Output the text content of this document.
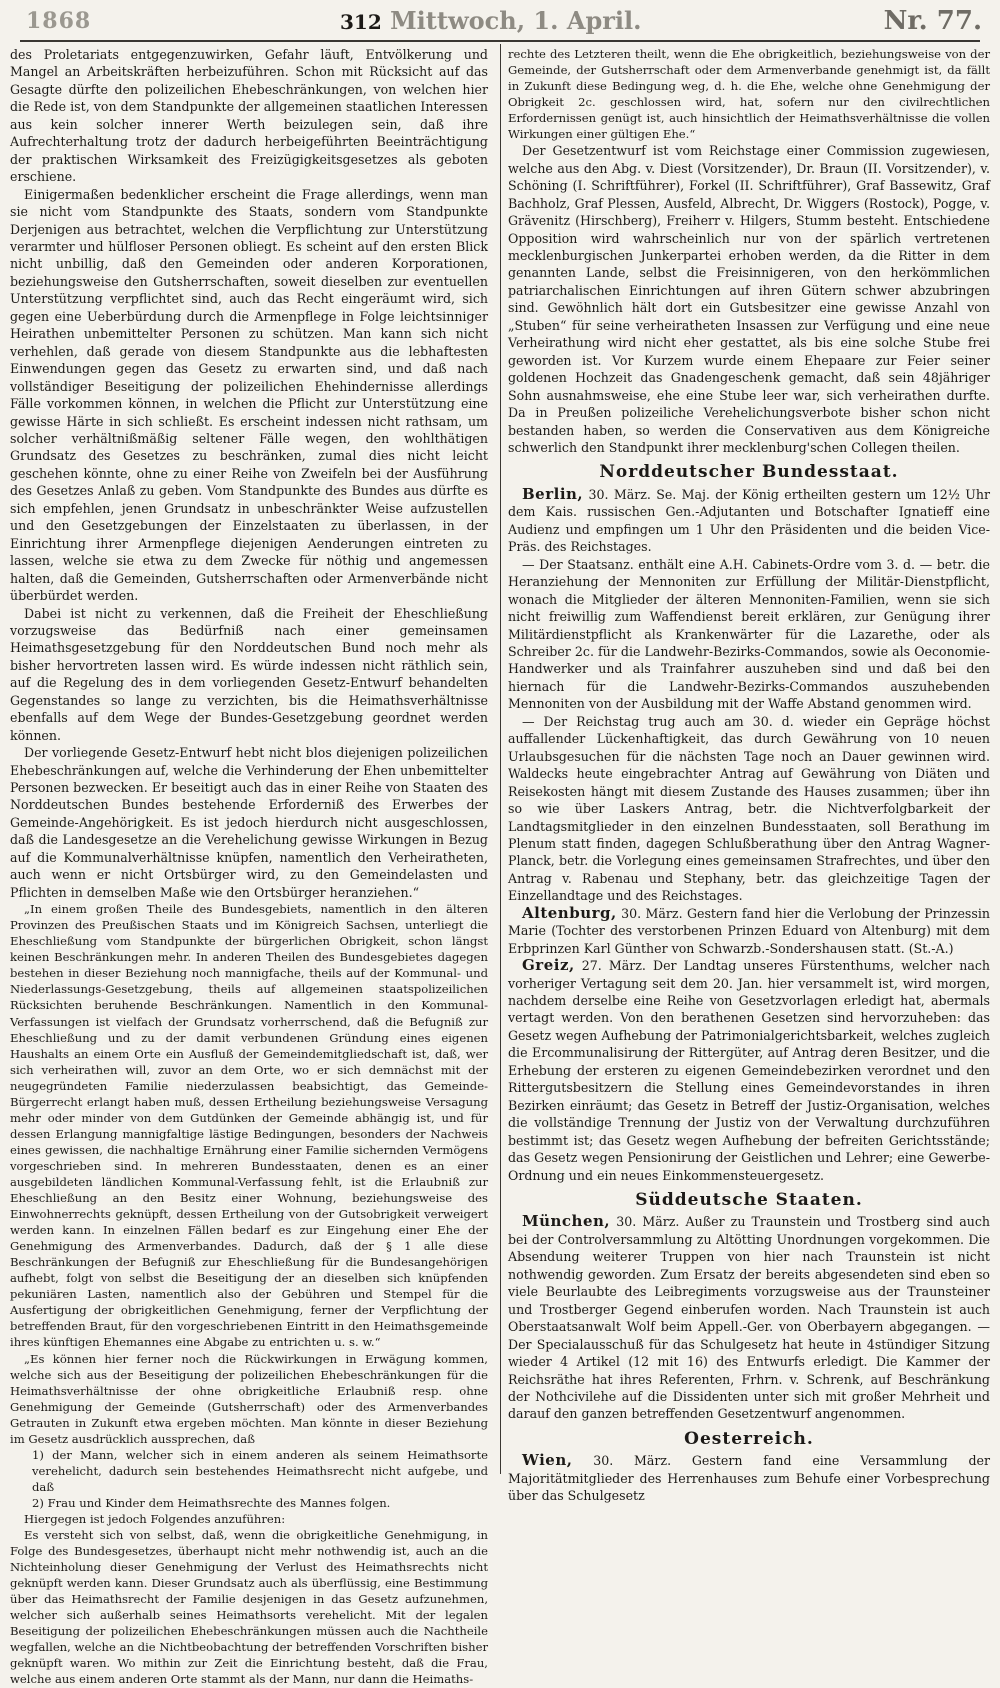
1868	312 Mittwoch, 1. April.	Nr. 77.

des Proletariats entgegenzuwirken, Gefahr läuft, Entvölkerung und Mangel an Arbeitskräften herbeizuführen. Schon mit Rücksicht auf das Gesagte dürfte den polizeilichen Ehebeschränkungen, von welchen hier die Rede ist, von dem Standpunkte der allgemeinen staatlichen Interessen aus kein solcher innerer Werth beizulegen sein, daß ihre Aufrechterhaltung trotz der dadurch herbeigeführten Beeinträchtigung der praktischen Wirksamkeit des Freizügigkeitsgesetzes als geboten erschiene.

Einigermaßen bedenklicher erscheint die Frage allerdings, wenn man sie nicht vom Standpunkte des Staats, sondern vom Standpunkte Derjenigen aus betrachtet, welchen die Verpflichtung zur Unterstützung verarmter und hülfloser Personen obliegt. Es scheint auf den ersten Blick nicht unbillig, daß den Gemeinden oder anderen Korporationen, beziehungsweise den Gutsherrschaften, soweit dieselben zur eventuellen Unterstützung verpflichtet sind, auch das Recht eingeräumt wird, sich gegen eine Ueberbürdung durch die Armenpflege in Folge leichtsinniger Heirathen unbemittelter Personen zu schützen. Man kann sich nicht verhehlen, daß gerade von diesem Standpunkte aus die lebhaftesten Einwendungen gegen das Gesetz zu erwarten sind, und daß nach vollständiger Beseitigung der polizeilichen Ehehindernisse allerdings Fälle vorkommen können, in welchen die Pflicht zur Unterstützung eine gewisse Härte in sich schließt. Es erscheint indessen nicht rathsam, um solcher verhältnißmäßig seltener Fälle wegen, den wohlthätigen Grundsatz des Gesetzes zu beschränken, zumal dies nicht leicht geschehen könnte, ohne zu einer Reihe von Zweifeln bei der Ausführung des Gesetzes Anlaß zu geben. Vom Standpunkte des Bundes aus dürfte es sich empfehlen, jenen Grundsatz in unbeschränkter Weise aufzustellen und den Gesetzgebungen der Einzelstaaten zu überlassen, in der Einrichtung ihrer Armenpflege diejenigen Aenderungen eintreten zu lassen, welche sie etwa zu dem Zwecke für nöthig und angemessen halten, daß die Gemeinden, Gutsherrschaften oder Armenverbände nicht überbürdet werden.

Dabei ist nicht zu verkennen, daß die Freiheit der Eheschließung vorzugsweise das Bedürfniß nach einer gemeinsamen Heimathsgesetzgebung für den Norddeutschen Bund noch mehr als bisher hervortreten lassen wird. Es würde indessen nicht räthlich sein, auf die Regelung des in dem vorliegenden Gesetz-Entwurf behandelten Gegenstandes so lange zu verzichten, bis die Heimathsverhältnisse ebenfalls auf dem Wege der Bundes-Gesetzgebung geordnet werden können.

Der vorliegende Gesetz-Entwurf hebt nicht blos diejenigen polizeilichen Ehebeschränkungen auf, welche die Verhinderung der Ehen unbemittelter Personen bezwecken. Er beseitigt auch das in einer Reihe von Staaten des Norddeutschen Bundes bestehende Erforderniß des Erwerbes der Gemeinde-Angehörigkeit. Es ist jedoch hierdurch nicht ausgeschlossen, daß die Landesgesetze an die Verehelichung gewisse Wirkungen in Bezug auf die Kommunalverhältnisse knüpfen, namentlich den Verheiratheten, auch wenn er nicht Ortsbürger wird, zu den Gemeindelasten und Pflichten in demselben Maße wie den Ortsbürger heranziehen.“

„In einem großen Theile des Bundesgebiets, namentlich in den älteren Provinzen des Preußischen Staats und im Königreich Sachsen, unterliegt die Eheschließung vom Standpunkte der bürgerlichen Obrigkeit, schon längst keinen Beschränkungen mehr. In anderen Theilen des Bundesgebietes dagegen bestehen in dieser Beziehung noch mannigfache, theils auf der Kommunal- und Niederlassungs-Gesetzgebung, theils auf allgemeinen staatspolizeilichen Rücksichten beruhende Beschränkungen. Namentlich in den Kommunal-Verfassungen ist vielfach der Grundsatz vorherrschend, daß die Befugniß zur Eheschließung und zu der damit verbundenen Gründung eines eigenen Haushalts an einem Orte ein Ausfluß der Gemeindemitgliedschaft ist, daß, wer sich verheirathen will, zuvor an dem Orte, wo er sich demnächst mit der neugegründeten Familie niederzulassen beabsichtigt, das Gemeinde-Bürgerrecht erlangt haben muß, dessen Ertheilung beziehungsweise Versagung mehr oder minder von dem Gutdünken der Gemeinde abhängig ist, und für dessen Erlangung mannigfaltige lästige Bedingungen, besonders der Nachweis eines gewissen, die nachhaltige Ernährung einer Familie sichernden Vermögens vorgeschrieben sind. In mehreren Bundesstaaten, denen es an einer ausgebildeten ländlichen Kommunal-Verfassung fehlt, ist die Erlaubniß zur Eheschließung an den Besitz einer Wohnung, beziehungsweise des Einwohnerrechts geknüpft, dessen Ertheilung von der Gutsobrigkeit verweigert werden kann. In einzelnen Fällen bedarf es zur Eingehung einer Ehe der Genehmigung des Armenverbandes. Dadurch, daß der § 1 alle diese Beschränkungen der Befugniß zur Eheschließung für die Bundesangehörigen aufhebt, folgt von selbst die Beseitigung der an dieselben sich knüpfenden pekuniären Lasten, namentlich also der Gebühren und Stempel für die Ausfertigung der obrigkeitlichen Genehmigung, ferner der Verpflichtung der betreffenden Braut, für den vorgeschriebenen Eintritt in den Heimathsgemeinde ihres künftigen Ehemannes eine Abgabe zu entrichten u. s. w.“

„Es können hier ferner noch die Rückwirkungen in Erwägung kommen, welche sich aus der Beseitigung der polizeilichen Ehebeschränkungen für die Heimathsverhältnisse der ohne obrigkeitliche Erlaubniß resp. ohne Genehmigung der Gemeinde (Gutsherrschaft) oder des Armenverbandes Getrauten in Zukunft etwa ergeben möchten. Man könnte in dieser Beziehung im Gesetz ausdrücklich aussprechen, daß

1) der Mann, welcher sich in einem anderen als seinem Heimathsorte verehelicht, dadurch sein bestehendes Heimathsrecht nicht aufgebe, und daß

2) Frau und Kinder dem Heimathsrechte des Mannes folgen.

Hiergegen ist jedoch Folgendes anzuführen:

Es versteht sich von selbst, daß, wenn die obrigkeitliche Genehmigung, in Folge des Bundesgesetzes, überhaupt nicht mehr nothwendig ist, auch an die Nichteinholung dieser Genehmigung der Verlust des Heimathsrechts nicht geknüpft werden kann. Dieser Grundsatz auch als überflüssig, eine Bestimmung über das Heimathsrecht der Familie desjenigen in das Gesetz aufzunehmen, welcher sich außerhalb seines Heimathsorts verehelicht. Mit der legalen Beseitigung der polizeilichen Ehebeschränkungen müssen auch die Nachtheile wegfallen, welche an die Nichtbeobachtung der betreffenden Vorschriften bisher geknüpft waren. Wo mithin zur Zeit die Einrichtung besteht, daß die Frau, welche aus einem anderen Orte stammt als der Mann, nur dann die Heimaths-

rechte des Letzteren theilt, wenn die Ehe obrigkeitlich, beziehungsweise von der Gemeinde, der Gutsherrschaft oder dem Armenverbande genehmigt ist, da fällt in Zukunft diese Bedingung weg, d. h. die Ehe, welche ohne Genehmigung der Obrigkeit 2c. geschlossen wird, hat, sofern nur den civilrechtlichen Erfordernissen genügt ist, auch hinsichtlich der Heimathsverhältnisse die vollen Wirkungen einer gültigen Ehe.“

Der Gesetzentwurf ist vom Reichstage einer Commission zugewiesen, welche aus den Abg. v. Diest (Vorsitzender), Dr. Braun (II. Vorsitzender), v. Schöning (I. Schriftführer), Forkel (II. Schriftführer), Graf Bassewitz, Graf Bachholz, Graf Plessen, Ausfeld, Albrecht, Dr. Wiggers (Rostock), Pogge, v. Grävenitz (Hirschberg), Freiherr v. Hilgers, Stumm besteht. Entschiedene Opposition wird wahrscheinlich nur von der spärlich vertretenen mecklenburgischen Junkerpartei erhoben werden, da die Ritter in dem genannten Lande, selbst die Freisinnigeren, von den herkömmlichen patriarchalischen Einrichtungen auf ihren Gütern schwer abzubringen sind. Gewöhnlich hält dort ein Gutsbesitzer eine gewisse Anzahl von „Stuben“ für seine verheiratheten Insassen zur Verfügung und eine neue Verheirathung wird nicht eher gestattet, als bis eine solche Stube frei geworden ist. Vor Kurzem wurde einem Ehepaare zur Feier seiner goldenen Hochzeit das Gnadengeschenk gemacht, daß sein 48jähriger Sohn ausnahmsweise, ehe eine Stube leer war, sich verheirathen durfte. Da in Preußen polizeiliche Verehelichungsverbote bisher schon nicht bestanden haben, so werden die Conservativen aus dem Königreiche schwerlich den Standpunkt ihrer mecklenburg'schen Collegen theilen.

Norddeutscher Bundesstaat.

Berlin, 30. März. Se. Maj. der König ertheilten gestern um 12½ Uhr dem Kais. russischen Gen.-Adjutanten und Botschafter Ignatieff eine Audienz und empfingen um 1 Uhr den Präsidenten und die beiden Vice-Präs. des Reichstages.

— Der Staatsanz. enthält eine A.H. Cabinets-Ordre vom 3. d. — betr. die Heranziehung der Mennoniten zur Erfüllung der Militär-Dienstpflicht, wonach die Mitglieder der älteren Mennoniten-Familien, wenn sie sich nicht freiwillig zum Waffendienst bereit erklären, zur Genügung ihrer Militärdienstpflicht als Krankenwärter für die Lazarethe, oder als Schreiber 2c. für die Landwehr-Bezirks-Commandos, sowie als Oeconomie-Handwerker und als Trainfahrer auszuheben sind und daß bei den hiernach für die Landwehr-Bezirks-Commandos auszuhebenden Mennoniten von der Ausbildung mit der Waffe Abstand genommen wird.

— Der Reichstag trug auch am 30. d. wieder ein Gepräge höchst auffallender Lückenhaftigkeit, das durch Gewährung von 10 neuen Urlaubsgesuchen für die nächsten Tage noch an Dauer gewinnen wird. Waldecks heute eingebrachter Antrag auf Gewährung von Diäten und Reisekosten hängt mit diesem Zustande des Hauses zusammen; über ihn so wie über Laskers Antrag, betr. die Nichtverfolgbarkeit der Landtagsmitglieder in den einzelnen Bundesstaaten, soll Berathung im Plenum statt finden, dagegen Schlußberathung über den Antrag Wagner-Planck, betr. die Vorlegung eines gemeinsamen Strafrechtes, und über den Antrag v. Rabenau und Stephany, betr. das gleichzeitige Tagen der Einzellandtage und des Reichstages.

Altenburg, 30. März. Gestern fand hier die Verlobung der Prinzessin Marie (Tochter des verstorbenen Prinzen Eduard von Altenburg) mit dem Erbprinzen Karl Günther von Schwarzb.-Sondershausen statt. (St.-A.)

Greiz, 27. März. Der Landtag unseres Fürstenthums, welcher nach vorheriger Vertagung seit dem 20. Jan. hier versammelt ist, wird morgen, nachdem derselbe eine Reihe von Gesetzvorlagen erledigt hat, abermals vertagt werden. Von den berathenen Gesetzen sind hervorzuheben: das Gesetz wegen Aufhebung der Patrimonialgerichtsbarkeit, welches zugleich die Ercommunalisirung der Rittergüter, auf Antrag deren Besitzer, und die Erhebung der ersteren zu eigenen Gemeindebezirken verordnet und den Rittergutsbesitzern die Stellung eines Gemeindevorstandes in ihren Bezirken einräumt; das Gesetz in Betreff der Justiz-Organisation, welches die vollständige Trennung der Justiz von der Verwaltung durchzuführen bestimmt ist; das Gesetz wegen Aufhebung der befreiten Gerichtsstände; das Gesetz wegen Pensionirung der Geistlichen und Lehrer; eine Gewerbe-Ordnung und ein neues Einkommensteuergesetz.

Süddeutsche Staaten.

München, 30. März. Außer zu Traunstein und Trostberg sind auch bei der Controlversammlung zu Altötting Unordnungen vorgekommen. Die Absendung weiterer Truppen von hier nach Traunstein ist nicht nothwendig geworden. Zum Ersatz der bereits abgesendeten sind eben so viele Beurlaubte des Leibregiments vorzugsweise aus der Traunsteiner und Trostberger Gegend einberufen worden. Nach Traunstein ist auch Oberstaatsanwalt Wolf beim Appell.-Ger. von Oberbayern abgegangen. — Der Specialausschuß für das Schulgesetz hat heute in 4stündiger Sitzung wieder 4 Artikel (12 mit 16) des Entwurfs erledigt. Die Kammer der Reichsräthe hat ihres Referenten, Frhrn. v. Schrenk, auf Beschränkung der Nothcivilehe auf die Dissidenten unter sich mit großer Mehrheit und darauf den ganzen betreffenden Gesetzentwurf angenommen.

Oesterreich.

Wien, 30. März. Gestern fand eine Versammlung der Majoritätmitglieder des Herrenhauses zum Behufe einer Vorbesprechung über das Schulgesetz
